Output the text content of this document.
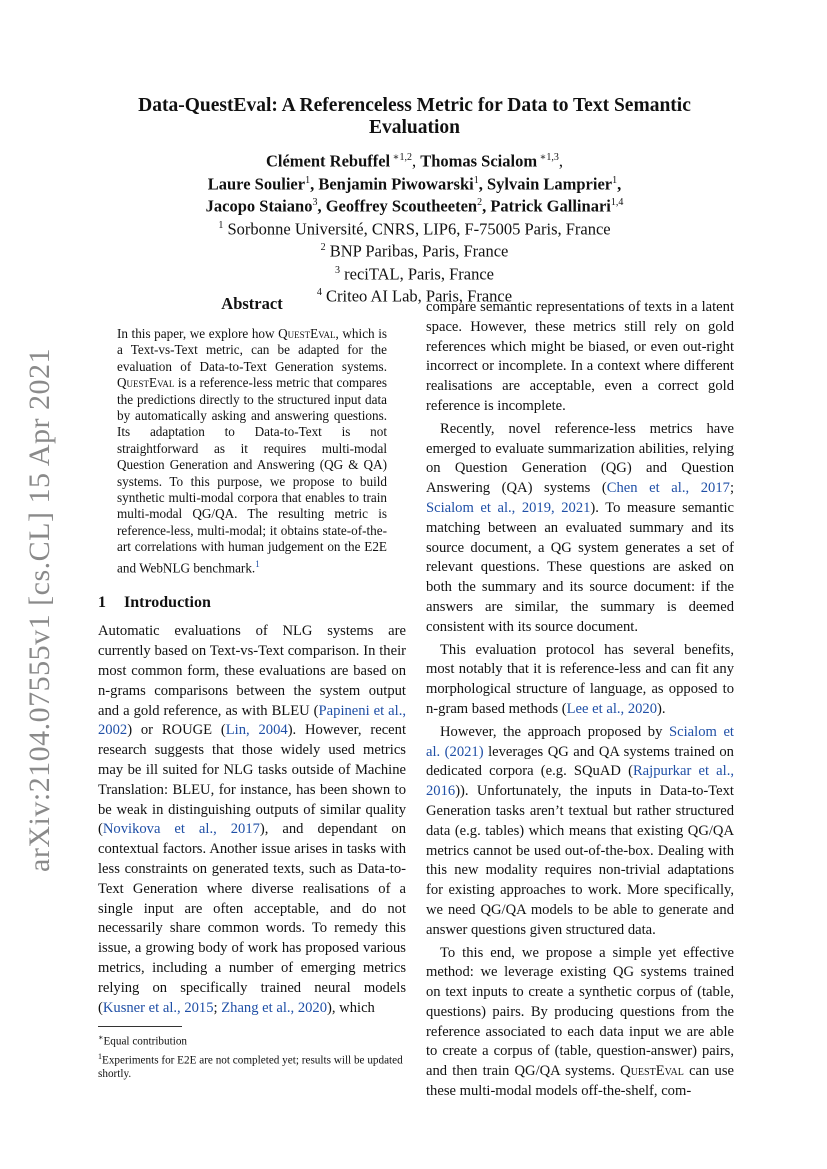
arXiv:2104.07555v1 [cs.CL] 15 Apr 2021
Data-QuestEval: A Referenceless Metric for Data to Text Semantic
Evaluation
Clément Rebuffel $^{∗1,2}$, Thomas Scialom $^{∗1,3}$,
Laure Soulier$^1$, Benjamin Piwowarski$^1$, Sylvain Lamprier$^1$,
Jacopo Staiano$^3$, Geoffrey Scoutheeten$^2$, Patrick Gallinari$^{1,4}$
$^1$ Sorbonne Université, CNRS, LIP6, F-75005 Paris, France
$^2$ BNP Paribas, Paris, France
$^3$ reciTAL, Paris, France
$^4$ Criteo AI Lab, Paris, France
Abstract

In this paper, we explore how QuestEval, which is a Text-vs-Text metric, can be adapted for the evaluation of Data-to-Text Generation systems. QuestEval is a reference-less metric that compares the predictions directly to the structured input data by automatically asking and answering questions. Its adaptation to Data-to-Text is not straightforward as it requires multi-modal Question Generation and Answering (QG & QA) systems. To this purpose, we propose to build synthetic multi-modal corpora that enables to train multi-modal QG/QA. The resulting metric is reference-less, multi-modal; it obtains state-of-the-art correlations with human judgement on the E2E and WebNLG benchmark.$^1$

1 Introduction

Automatic evaluations of NLG systems are currently based on Text-vs-Text comparison. In their most common form, these evaluations are based on n-grams comparisons between the system output and a gold reference, as with BLEU (Papineni et al., 2002) or ROUGE (Lin, 2004). However, recent research suggests that those widely used metrics may be ill suited for NLG tasks outside of Machine Translation: BLEU, for instance, has been shown to be weak in distinguishing outputs of similar quality (Novikova et al., 2017), and dependant on contextual factors. Another issue arises in tasks with less constraints on generated texts, such as Data-to-Text Generation where diverse realisations of a single input are often acceptable, and do not necessarily share common words. To remedy this issue, a growing body of work has proposed various metrics, including a number of emerging metrics relying on specifically trained neural models (Kusner et al., 2015; Zhang et al., 2020), which

∗Equal contribution

$^1$Experiments for E2E are not completed yet; results will be updated shortly.

compare semantic representations of texts in a latent space. However, these metrics still rely on gold references which might be biased, or even out-right incorrect or incomplete. In a context where different realisations are acceptable, even a correct gold reference is incomplete.

Recently, novel reference-less metrics have emerged to evaluate summarization abilities, relying on Question Generation (QG) and Question Answering (QA) systems (Chen et al., 2017; Scialom et al., 2019, 2021). To measure semantic matching between an evaluated summary and its source document, a QG system generates a set of relevant questions. These questions are asked on both the summary and its source document: if the answers are similar, the summary is deemed consistent with its source document.

This evaluation protocol has several benefits, most notably that it is reference-less and can fit any morphological structure of language, as opposed to n-gram based methods (Lee et al., 2020).

However, the approach proposed by Scialom et al. (2021) leverages QG and QA systems trained on dedicated corpora (e.g. SQuAD (Rajpurkar et al., 2016)). Unfortunately, the inputs in Data-to-Text Generation tasks aren’t textual but rather structured data (e.g. tables) which means that existing QG/QA metrics cannot be used out-of-the-box. Dealing with this new modality requires non-trivial adaptations for existing approaches to work. More specifically, we need QG/QA models to be able to generate and answer questions given structured data.

To this end, we propose a simple yet effective method: we leverage existing QG systems trained on text inputs to create a synthetic corpus of (table, questions) pairs. By producing questions from the reference associated to each data input we are able to create a corpus of (table, question-answer) pairs, and then train QG/QA systems. QuestEval can use these multi-modal models off-the-shelf, com-
